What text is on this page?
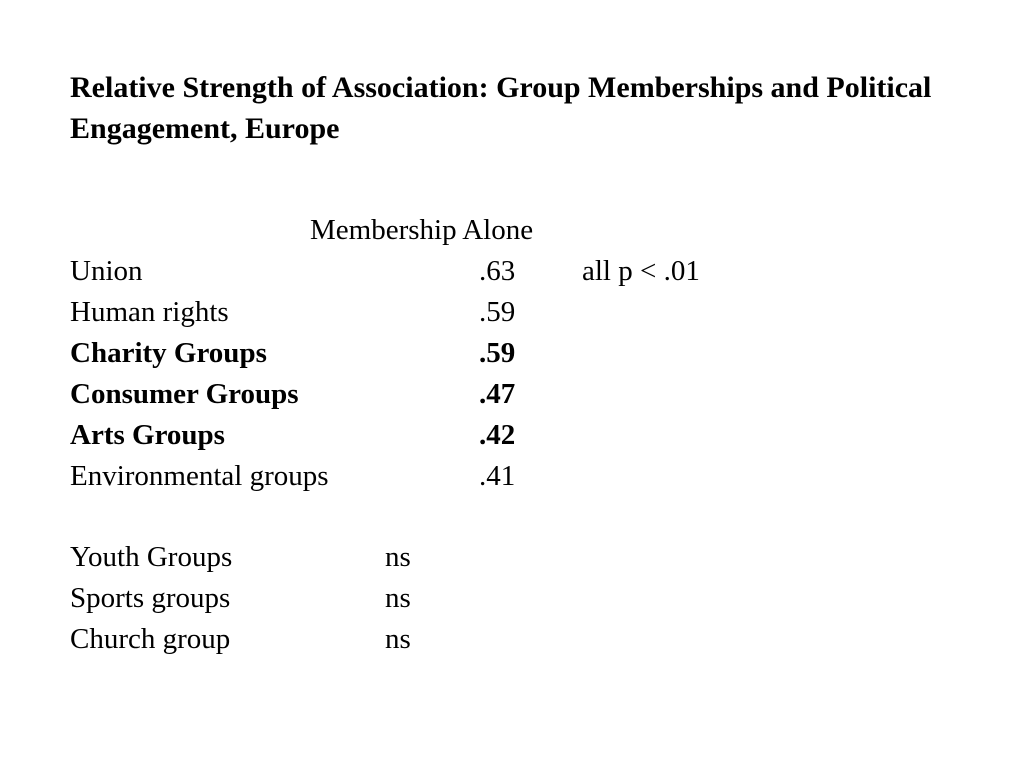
Relative Strength of Association: Group Memberships and Political Engagement, Europe
Membership Alone
Union	.63 all p < .01
Human rights	.59
Charity Groups	.59
Consumer Groups	.47
Arts Groups	.42
Environmental groups	.41
Youth Groups	ns
Sports groups	ns
Church group	ns
